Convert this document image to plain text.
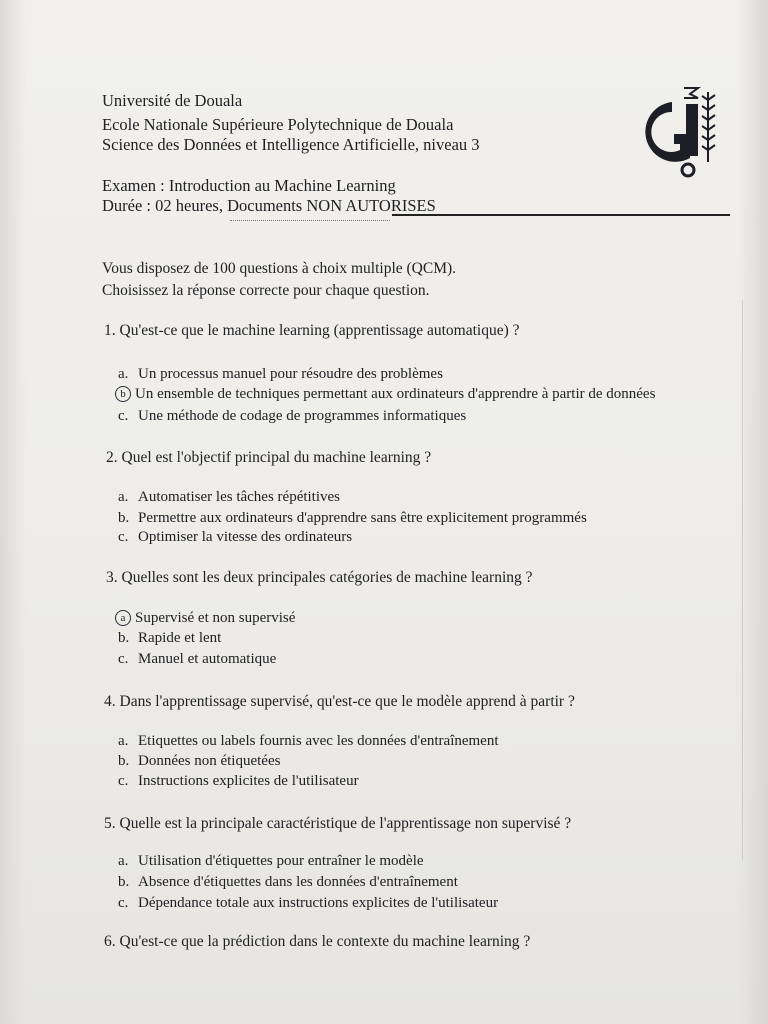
Université de Douala
Ecole Nationale Supérieure Polytechnique de Douala
Science des Données et Intelligence Artificielle, niveau 3
Examen : Introduction au Machine Learning
Durée : 02 heures, Documents NON AUTORISES
Vous disposez de 100 questions à choix multiple (QCM).
Choisissez la réponse correcte pour chaque question.
1. Qu'est-ce que le machine learning (apprentissage automatique) ?
a. Un processus manuel pour résoudre des problèmes
b Un ensemble de techniques permettant aux ordinateurs d'apprendre à partir de données
c. Une méthode de codage de programmes informatiques
2. Quel est l'objectif principal du machine learning ?
a. Automatiser les tâches répétitives
b. Permettre aux ordinateurs d'apprendre sans être explicitement programmés
c. Optimiser la vitesse des ordinateurs
3. Quelles sont les deux principales catégories de machine learning ?
a Supervisé et non supervisé
b. Rapide et lent
c. Manuel et automatique
4. Dans l'apprentissage supervisé, qu'est-ce que le modèle apprend à partir ?
a. Etiquettes ou labels fournis avec les données d'entraînement
b. Données non étiquetées
c. Instructions explicites de l'utilisateur
5. Quelle est la principale caractéristique de l'apprentissage non supervisé ?
a. Utilisation d'étiquettes pour entraîner le modèle
b. Absence d'étiquettes dans les données d'entraînement
c. Dépendance totale aux instructions explicites de l'utilisateur
6. Qu'est-ce que la prédiction dans le contexte du machine learning ?
